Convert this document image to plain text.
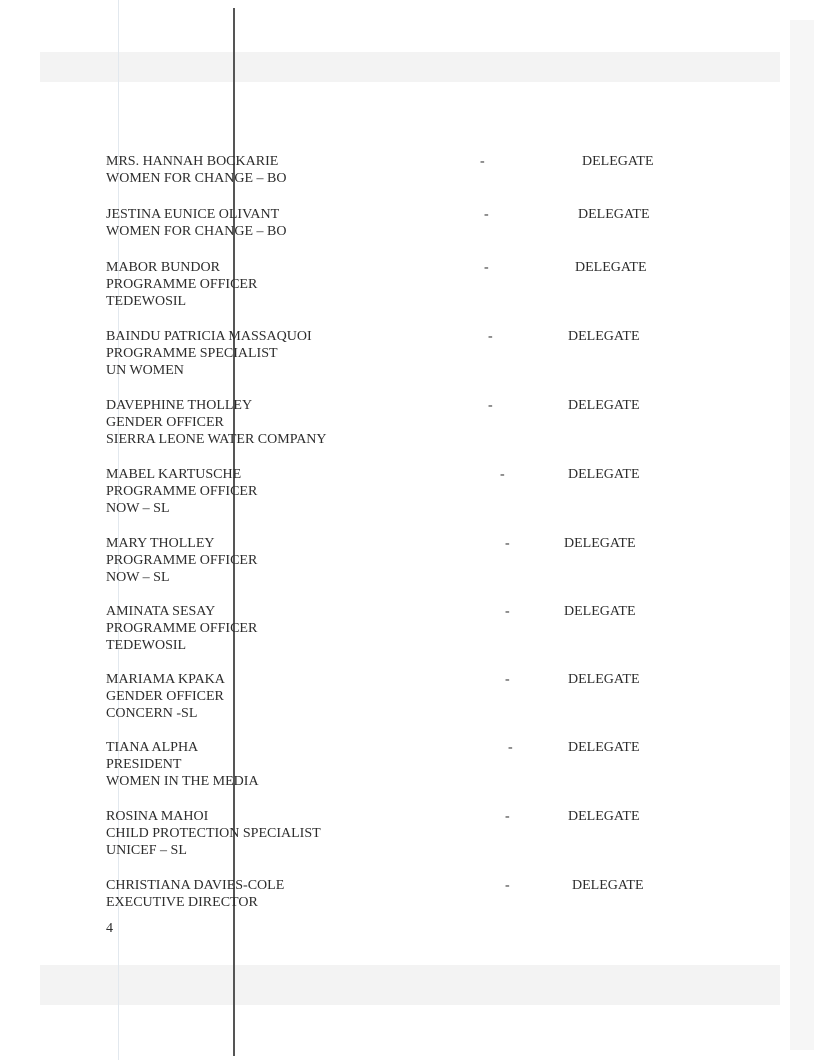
MRS. HANNAH BOCKARIE
WOMEN FOR CHANGE – BO
-	DELEGATE
JESTINA EUNICE OLIVANT
WOMEN FOR CHANGE – BO
-	DELEGATE
MABOR BUNDOR
PROGRAMME OFFICER
TEDEWOSIL
-	DELEGATE
BAINDU PATRICIA MASSAQUOI
PROGRAMME SPECIALIST
UN WOMEN
-	DELEGATE
DAVEPHINE THOLLEY
GENDER OFFICER
SIERRA LEONE WATER COMPANY
-	DELEGATE
MABEL KARTUSCHE
PROGRAMME OFFICER
NOW – SL
-	DELEGATE
MARY THOLLEY
PROGRAMME OFFICER
NOW – SL
-	DELEGATE
AMINATA SESAY
PROGRAMME OFFICER
TEDEWOSIL
-	DELEGATE
MARIAMA KPAKA
GENDER OFFICER
CONCERN -SL
-	DELEGATE
TIANA ALPHA
PRESIDENT
WOMEN IN THE MEDIA
-	DELEGATE
ROSINA MAHOI
CHILD PROTECTION SPECIALIST
UNICEF – SL
-	DELEGATE
CHRISTIANA DAVIES-COLE
EXECUTIVE DIRECTOR
-	DELEGATE
4
